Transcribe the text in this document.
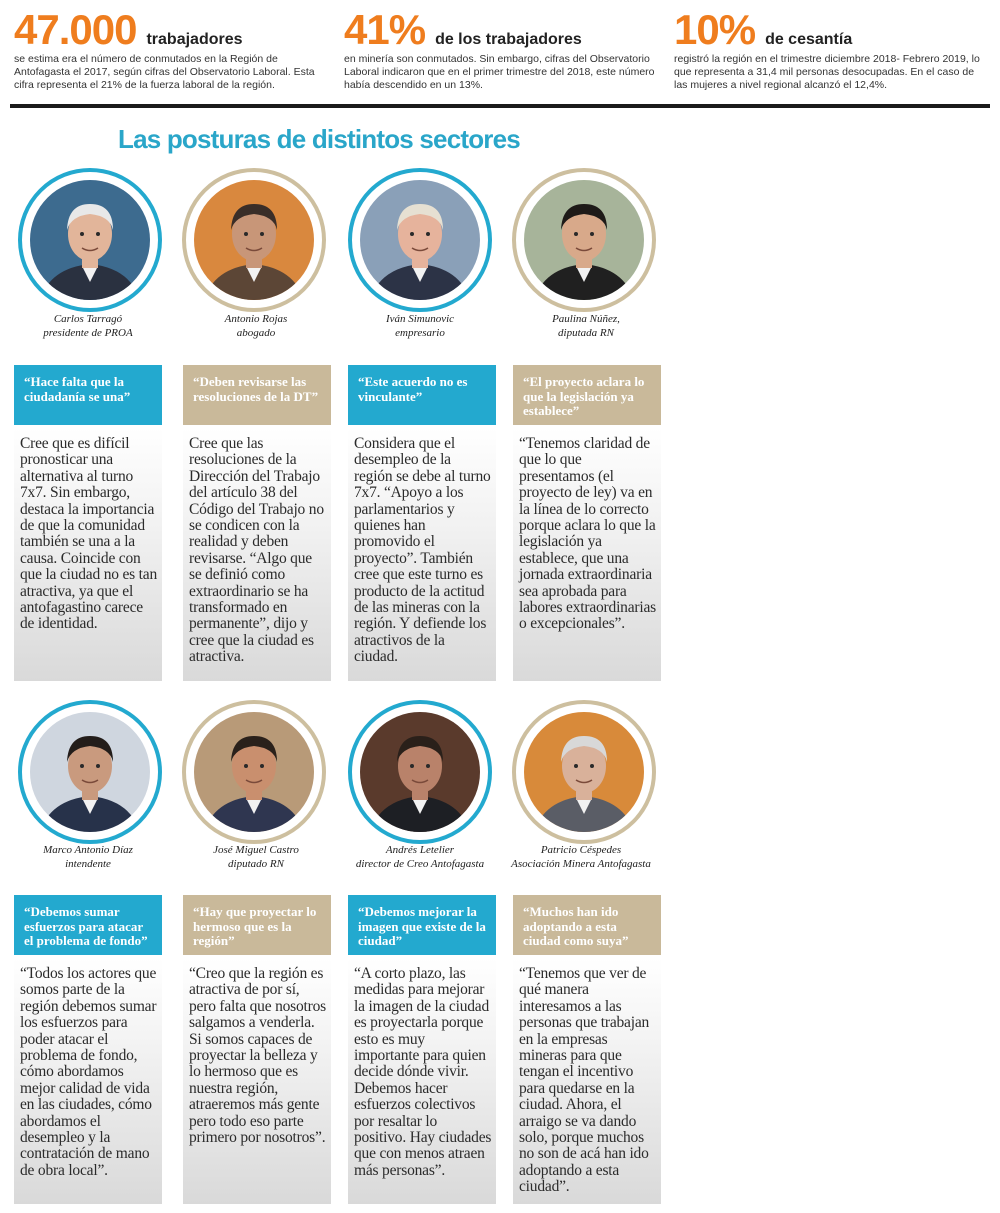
47.000 trabajadores
se estima era el número de conmutados en la Región de Antofagasta el 2017, según cifras del Observatorio Laboral. Esta cifra representa el 21% de la fuerza laboral de la región.
41% de los trabajadores
en minería son conmutados. Sin embargo, cifras del Observatorio Laboral indicaron que en el primer trimestre del 2018, este número había descendido en un 13%.
10% de cesantía
registró la región en el trimestre diciembre 2018- Febrero 2019, lo que representa a 31,4 mil personas desocupadas. En el caso de las mujeres a nivel regional alcanzó el 12,4%.
Las posturas de distintos sectores
Carlos Tarragó
presidente de PROA
Antonio Rojas
abogado
Iván Simunovic
empresario
Paulina Núñez,
diputada RN
“Hace falta que la ciudadanía se una”
“Deben revisarse las resoluciones de la DT”
“Este acuerdo no es vinculante”
“El proyecto aclara lo que la legislación ya establece”
Cree que es difícil pronosticar una alternativa al turno 7x7. Sin embargo, destaca la importancia de que la comunidad también se una a la causa. Coincide con que la ciudad no es tan atractiva, ya que el antofagastino carece de identidad.
Cree que las resoluciones de la Dirección del Trabajo del artículo 38 del Código del Trabajo no se condicen con la realidad y deben revisarse. “Algo que se definió como extraordinario se ha transformado en permanente”, dijo y cree que la ciudad es atractiva.
Considera que el desempleo de la región se debe al turno 7x7. “Apoyo a los parlamentarios y quienes han promovido el proyecto”. También cree que este turno es producto de la actitud de las mineras con la región. Y defiende los atractivos de la ciudad.
“Tenemos claridad de que lo que presentamos (el proyecto de ley) va en la línea de lo correcto porque aclara lo que la legislación ya establece, que una jornada extraordinaria sea aprobada para labores extraordinarias o excepcionales”.
Marco Antonio Díaz
intendente
José Miguel Castro
diputado RN
Andrés Letelier
director de Creo Antofagasta
Patricio Céspedes
Asociación Minera Antofagasta
“Debemos sumar esfuerzos para atacar el problema de fondo”
“Hay que proyectar lo hermoso que es la región”
“Debemos mejorar la imagen que existe de la ciudad”
“Muchos han ido adoptando a esta ciudad como suya”
“Todos los actores que somos parte de la región debemos sumar los esfuerzos para poder atacar el problema de fondo, cómo abordamos mejor calidad de vida en las ciudades, cómo abordamos el desempleo y la contratación de mano de obra local”.
“Creo que la región es atractiva de por sí, pero falta que nosotros salgamos a venderla. Si somos capaces de proyectar la belleza y lo hermoso que es nuestra región, atraeremos más gente pero todo eso parte primero por nosotros”.
“A corto plazo, las medidas para mejorar la imagen de la ciudad es proyectarla porque esto es muy importante para quien decide dónde vivir. Debemos hacer esfuerzos colectivos por resaltar lo positivo. Hay ciudades que con menos atraen más personas”.
“Tenemos que ver de qué manera interesamos a las personas que trabajan en la empresas mineras para que tengan el incentivo para quedarse en la ciudad. Ahora, el arraigo se va dando solo, porque muchos no son de acá han ido adoptando a esta ciudad”.
